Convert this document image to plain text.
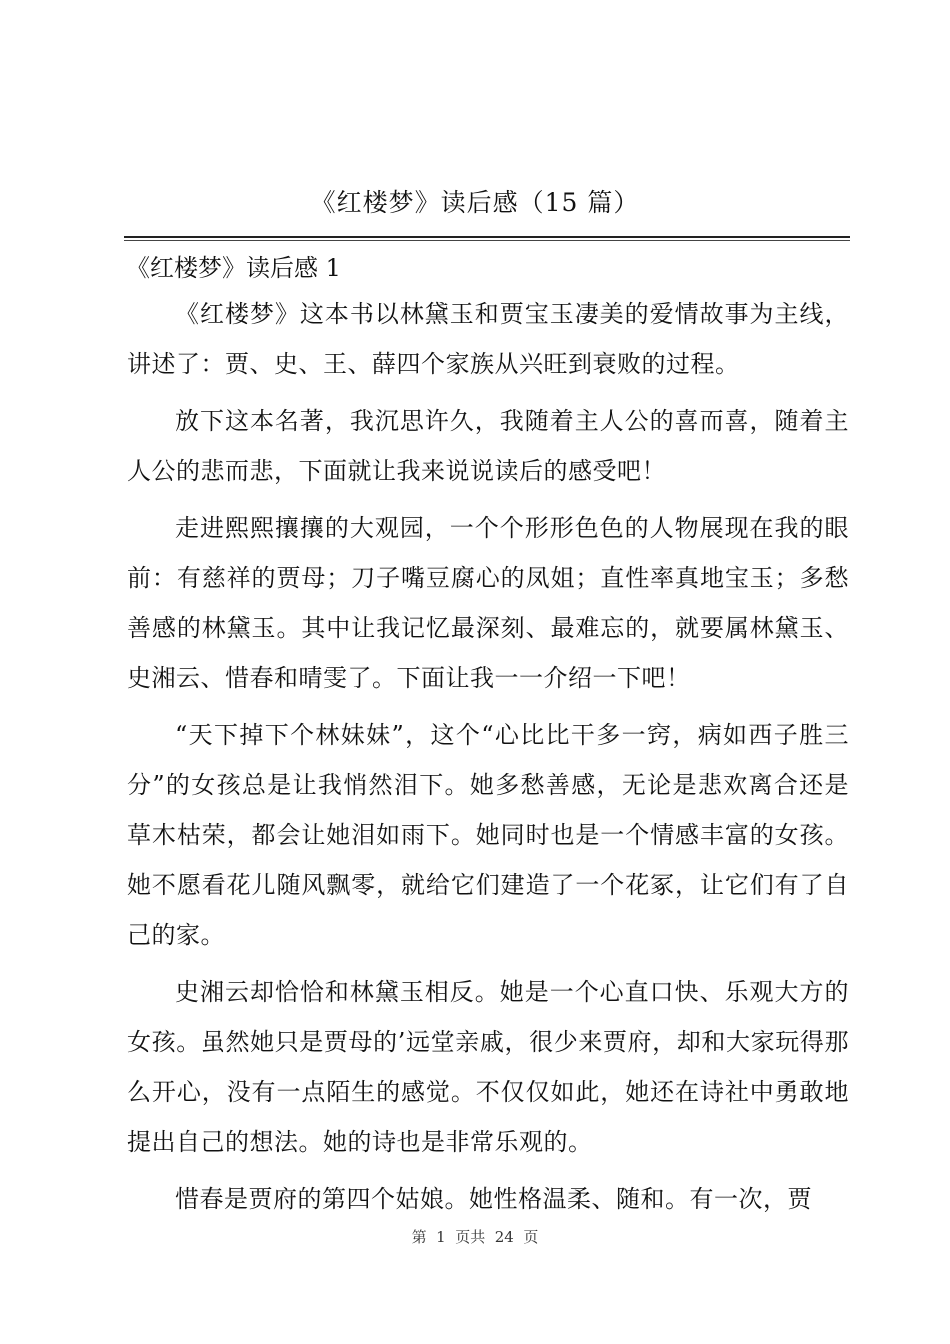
《红楼梦》读后感（15 篇）
《红楼梦》读后感 1

《红楼梦》这本书以林黛玉和贾宝玉凄美的爱情故事为主线，讲述了：贾、史、王、薛四个家族从兴旺到衰败的过程。

放下这本名著，我沉思许久，我随着主人公的喜而喜，随着主人公的悲而悲，下面就让我来说说读后的感受吧！

走进熙熙攘攘的大观园，一个个形形色色的人物展现在我的眼前：有慈祥的贾母；刀子嘴豆腐心的凤姐；直性率真地宝玉；多愁善感的林黛玉。其中让我记忆最深刻、最难忘的，就要属林黛玉、史湘云、惜春和晴雯了。下面让我一一介绍一下吧！

“天下掉下个林妹妹”，这个“心比比干多一窍，病如西子胜三分”的女孩总是让我悄然泪下。她多愁善感，无论是悲欢离合还是草木枯荣，都会让她泪如雨下。她同时也是一个情感丰富的女孩。她不愿看花儿随风飘零，就给它们建造了一个花冢，让它们有了自己的家。

史湘云却恰恰和林黛玉相反。她是一个心直口快、乐观大方的女孩。虽然她只是贾母的’远堂亲戚，很少来贾府，却和大家玩得那么开心，没有一点陌生的感觉。不仅仅如此，她还在诗社中勇敢地提出自己的想法。她的诗也是非常乐观的。

惜春是贾府的第四个姑娘。她性格温柔、随和。有一次，贾

第  1  页共  24  页
